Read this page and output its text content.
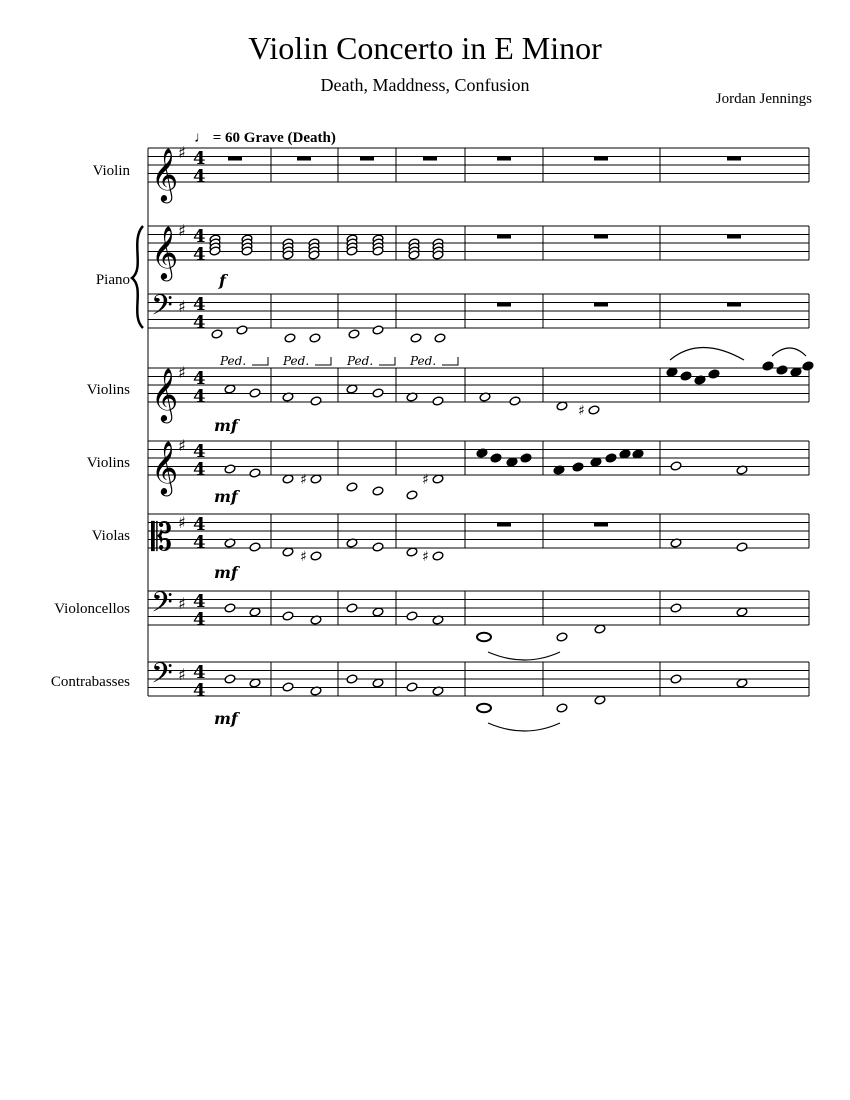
Violin Concerto in E Minor
Death, Maddness, Confusion
Jordan Jennings
♩ = 60 Grave (Death)
Violin
Piano
Violins
Violins
Violas
Violoncellos
Contrabasses
𝄞
𝄞
𝄢
𝄞
𝄞
𝄡
𝄢
𝄢
♯
♯	♯
♯	♯
♯ 4
4
♯ 4
4
♯ 4
4
♯ 4
4
♯ 4
4
♯ 4
4
♯ 4
4
♯ 4
4
f
Ped.	Ped.	Ped.	Ped.
mf
mf
mf
mf
